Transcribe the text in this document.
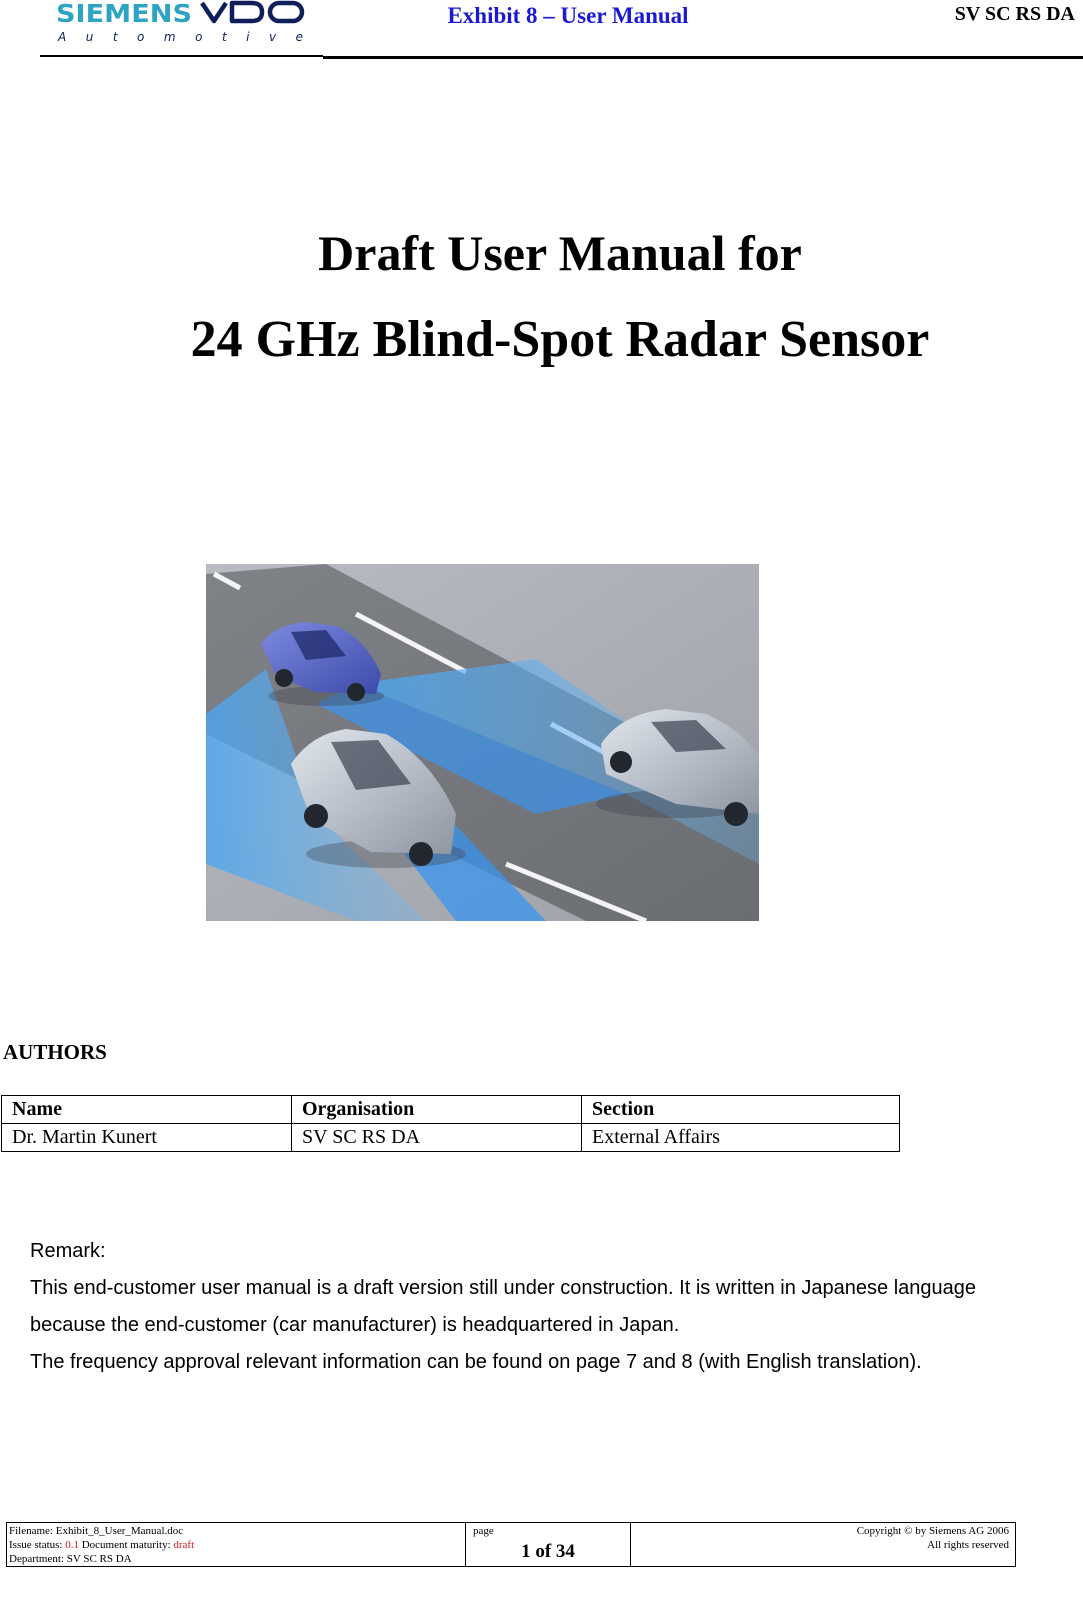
SIEMENS
A u t o m o t i v e
Exhibit 8 – User Manual	SV SC RS DA
Draft User Manual for
24 GHz Blind-Spot Radar Sensor
AUTHORS
Name	Organisation	Section
Dr. Martin Kunert	SV SC RS DA	External Affairs
Remark:
This end-customer user manual is a draft version still under construction. It is written in Japanese language
because the end-customer (car manufacturer) is headquartered in Japan.
The frequency approval relevant information can be found on page 7 and 8 (with English translation).
Filename: Exhibit_8_User_Manual.doc
Issue status: 0.1 Document maturity: draft
Department: SV SC RS DA
page
1 of 34
Copyright © by Siemens AG 2006
All rights reserved
